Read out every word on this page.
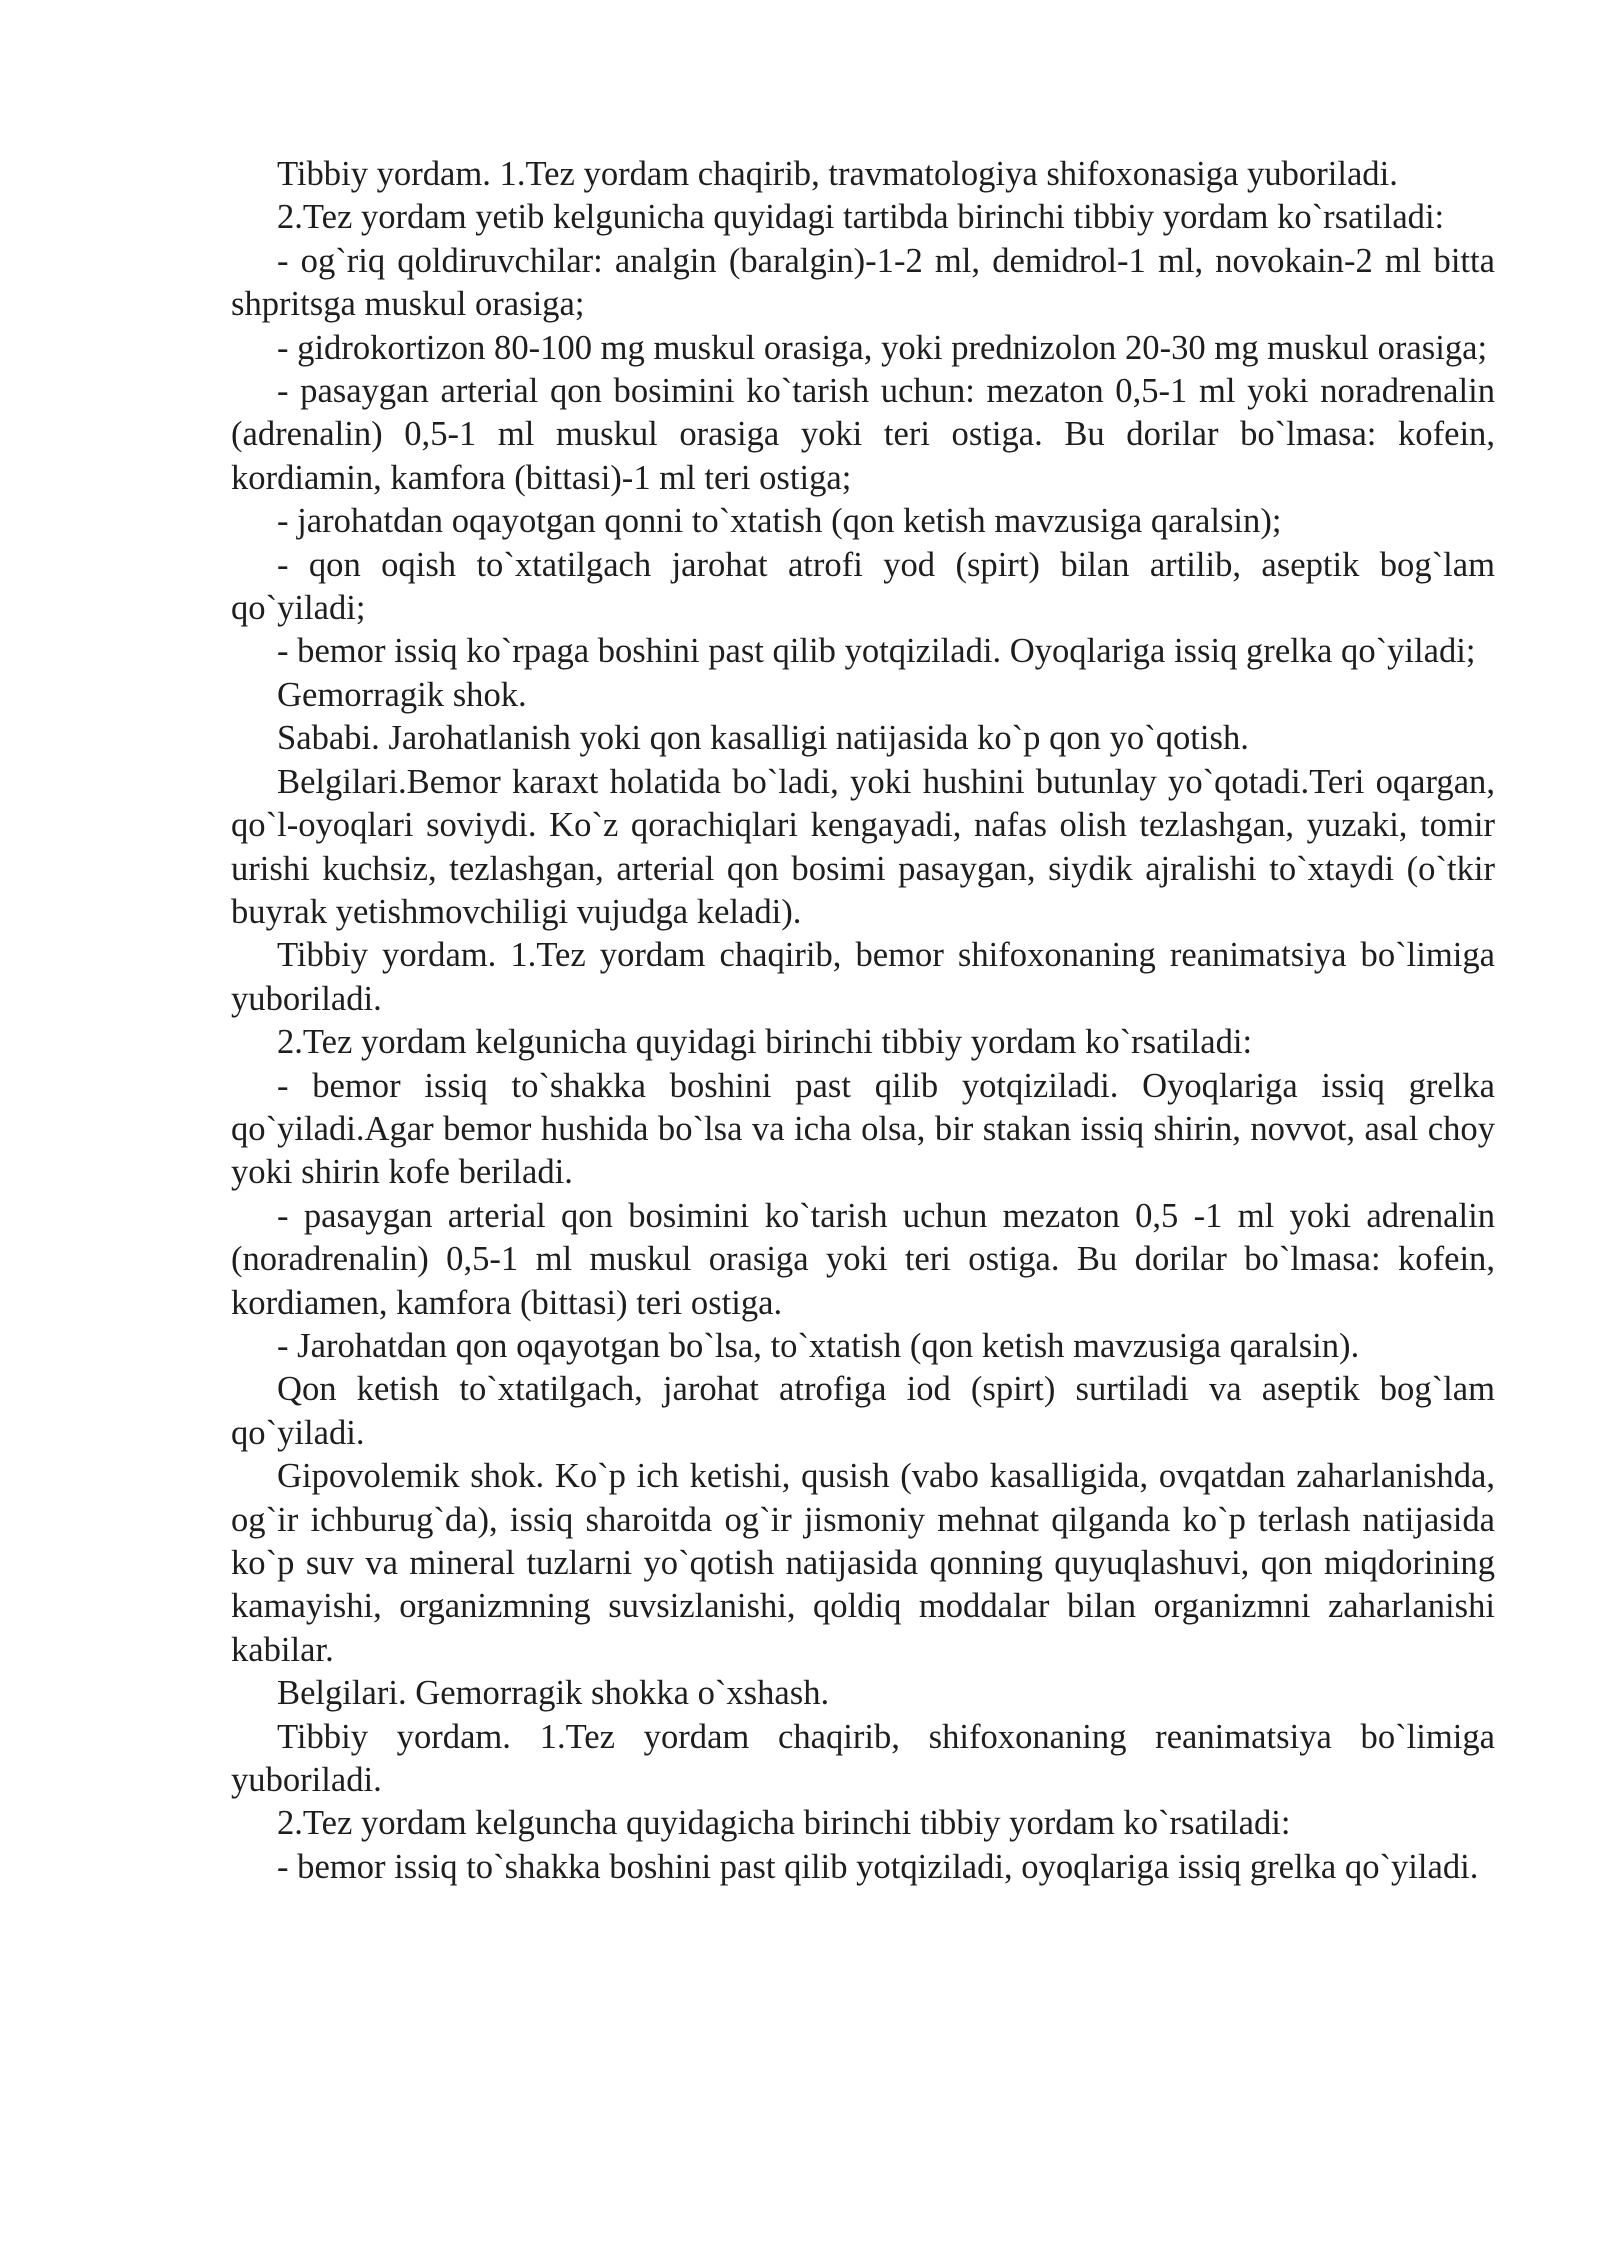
Tibbiy yordam. 1.Tez yordam chaqirib, travmatologiya shifoxonasiga yuboriladi.

2.Tez yordam yetib kelgunicha quyidagi tartibda birinchi tibbiy yordam ko`rsatiladi:

- og`riq qoldiruvchilar: analgin (baralgin)-1-2 ml, demidrol-1 ml, novokain-2 ml bitta shpritsga muskul orasiga;

- gidrokortizon 80-100 mg muskul orasiga, yoki prednizolon 20-30 mg muskul orasiga;

- pasaygan arterial qon bosimini ko`tarish uchun: mezaton 0,5-1 ml yoki noradrenalin (adrenalin) 0,5-1 ml muskul orasiga yoki teri ostiga. Bu dorilar bo`lmasa: kofein, kordiamin, kamfora (bittasi)-1 ml teri ostiga;

- jarohatdan oqayotgan qonni to`xtatish (qon ketish mavzusiga qaralsin);

- qon oqish to`xtatilgach jarohat atrofi yod (spirt) bilan artilib, aseptik bog`lam qo`yiladi;

- bemor issiq ko`rpaga boshini past qilib yotqiziladi. Oyoqlariga issiq grelka qo`yiladi;

Gemorragik shok.

Sababi. Jarohatlanish yoki qon kasalligi natijasida ko`p qon yo`qotish.

Belgilari.Bemor karaxt holatida bo`ladi, yoki hushini butunlay yo`qotadi.Teri oqargan, qo`l-oyoqlari soviydi. Ko`z qorachiqlari kengayadi, nafas olish tezlashgan, yuzaki, tomir urishi kuchsiz, tezlashgan, arterial qon bosimi pasaygan, siydik ajralishi to`xtaydi (o`tkir buyrak yetishmovchiligi vujudga keladi).

Tibbiy yordam. 1.Tez yordam chaqirib, bemor shifoxonaning reanimatsiya bo`limiga yuboriladi.

2.Tez yordam kelgunicha quyidagi birinchi tibbiy yordam ko`rsatiladi:

- bemor issiq to`shakka boshini past qilib yotqiziladi. Oyoqlariga issiq grelka qo`yiladi.Agar bemor hushida bo`lsa va icha olsa, bir stakan issiq shirin, novvot, asal choy yoki shirin kofe beriladi.

- pasaygan arterial qon bosimini ko`tarish uchun mezaton 0,5 -1 ml yoki adrenalin (noradrenalin) 0,5-1 ml muskul orasiga yoki teri ostiga. Bu dorilar bo`lmasa: kofein, kordiamen, kamfora (bittasi) teri ostiga.

- Jarohatdan qon oqayotgan bo`lsa, to`xtatish (qon ketish mavzusiga qaralsin).

Qon ketish to`xtatilgach, jarohat atrofiga iod (spirt) surtiladi va aseptik bog`lam qo`yiladi.

Gipovolemik shok. Ko`p ich ketishi, qusish (vabo kasalligida, ovqatdan zaharlanishda, og`ir ichburug`da), issiq sharoitda og`ir jismoniy mehnat qilganda ko`p terlash natijasida ko`p suv va mineral tuzlarni yo`qotish natijasida qonning quyuqlashuvi, qon miqdorining kamayishi, organizmning suvsizlanishi, qoldiq moddalar bilan organizmni zaharlanishi kabilar.

Belgilari. Gemorragik shokka o`xshash.

Tibbiy yordam. 1.Tez yordam chaqirib, shifoxonaning reanimatsiya bo`limiga yuboriladi.

2.Tez yordam kelguncha quyidagicha birinchi tibbiy yordam ko`rsatiladi:

- bemor issiq to`shakka boshini past qilib yotqiziladi, oyoqlariga issiq grelka qo`yiladi.
